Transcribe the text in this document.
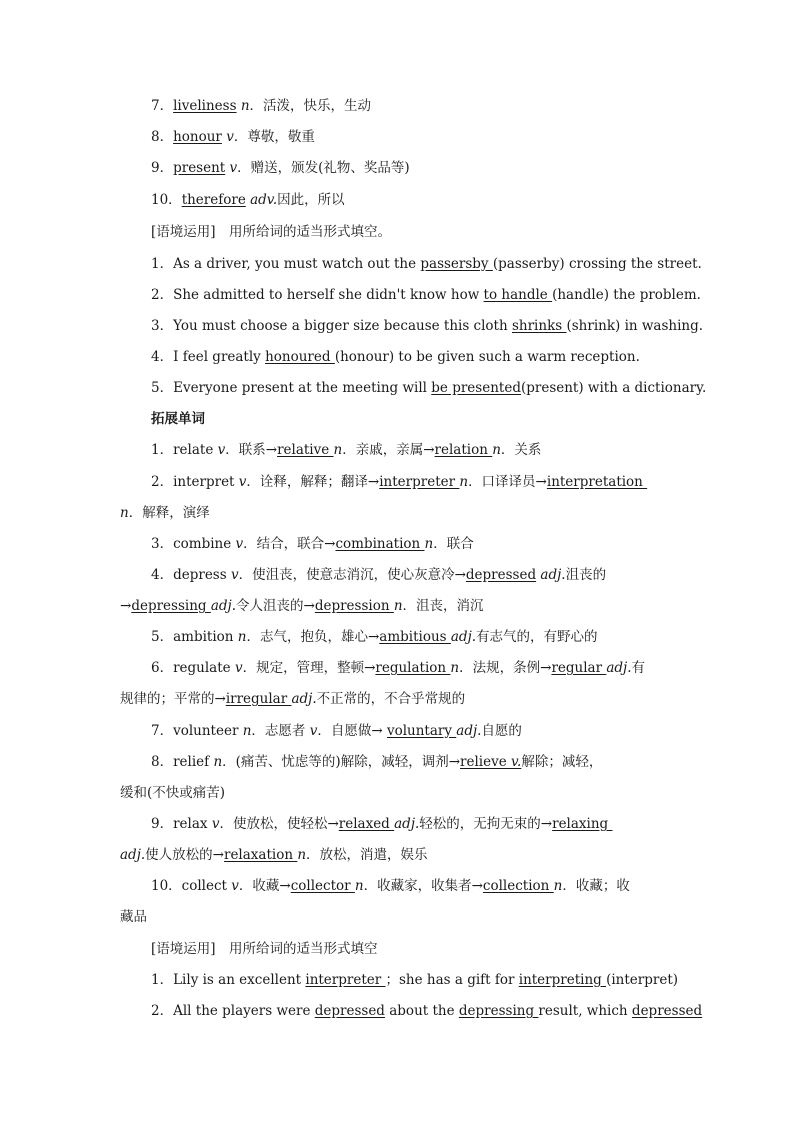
7．liveliness n．活泼，快乐，生动
8．honour v．尊敬，敬重
9．present v．赠送，颁发(礼物、奖品等)
10．therefore adv.因此，所以
[语境运用]　用所给词的适当形式填空。
1．As a driver, you must watch out the passersby (passerby) crossing the street.
2．She admitted to herself she didn't know how to handle (handle) the problem.
3．You must choose a bigger size because this cloth shrinks (shrink) in washing.
4．I feel greatly honoured (honour) to be given such a warm reception.
5．Everyone present at the meeting will be presented(present) with a dictionary.
拓展单词
1．relate v．联系→relative n．亲戚，亲属→relation n．关系
2．interpret v．诠释，解释；翻译→interpreter n．口译译员→interpretation
n．解释，演绎
3．combine v．结合，联合→combination n．联合
4．depress v．使沮丧，使意志消沉，使心灰意冷→depressed adj.沮丧的
→depressing adj.令人沮丧的→depression n．沮丧，消沉
5．ambition n．志气，抱负，雄心→ambitious adj.有志气的，有野心的
6．regulate v．规定，管理，整顿→regulation n．法规，条例→regular adj.有
规律的；平常的→irregular adj.不正常的，不合乎常规的
7．volunteer n．志愿者 v．自愿做→ voluntary adj.自愿的
8．relief n．(痛苦、忧虑等的)解除，减轻，调剂→relieve v.解除；减轻，
缓和(不快或痛苦)
9．relax v．使放松，使轻松→relaxed adj.轻松的，无拘无束的→relaxing
adj.使人放松的→relaxation n．放松，消遣，娱乐
10．collect v．收藏→collector n．收藏家，收集者→collection n．收藏；收
藏品
[语境运用]　用所给词的适当形式填空
1．Lily is an excellent interpreter ；she has a gift for interpreting (interpret)
2．All the players were depressed about the depressing result, which depressed
